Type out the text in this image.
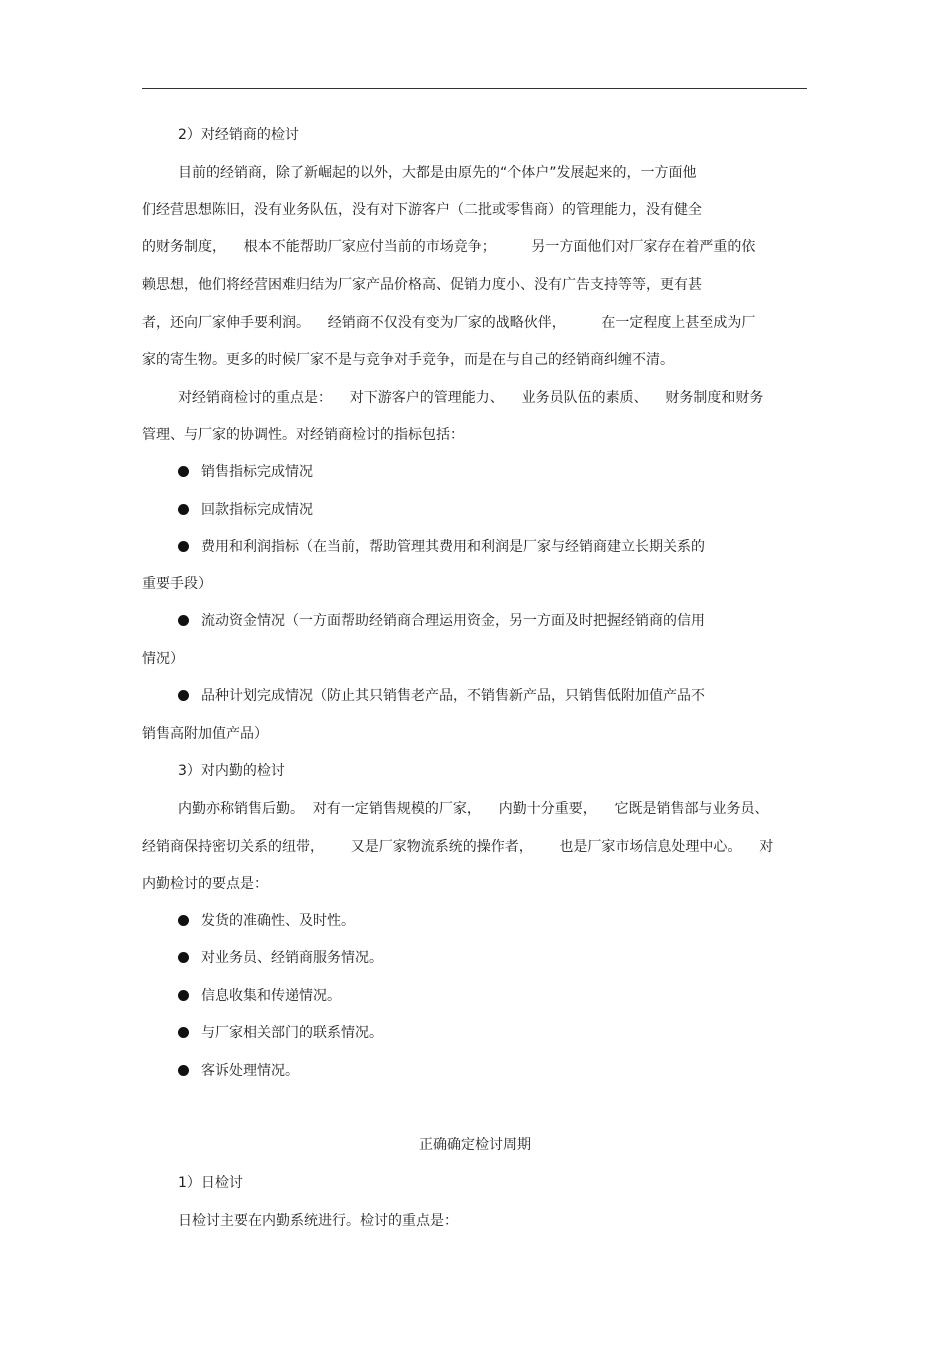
2）对经销商的检讨
目前的经销商，除了新崛起的以外，大都是由原先的“个体户”发展起来的，一方面他
们经营思想陈旧，没有业务队伍，没有对下游客户（二批或零售商）的管理能力，没有健全
的财务制度，    根本不能帮助厂家应付当前的市场竞争；        另一方面他们对厂家存在着严重的依
赖思想，他们将经营困难归结为厂家产品价格高、促销力度小、没有广告支持等等，更有甚
者，还向厂家伸手要利润。    经销商不仅没有变为厂家的战略伙伴，        在一定程度上甚至成为厂
家的寄生物。更多的时候厂家不是与竞争对手竞争，而是在与自己的经销商纠缠不清。
对经销商检讨的重点是：    对下游客户的管理能力、    业务员队伍的素质、    财务制度和财务
管理、与厂家的协调性。对经销商检讨的指标包括：
销售指标完成情况
回款指标完成情况
费用和利润指标（在当前，帮助管理其费用和利润是厂家与经销商建立长期关系的
重要手段）
流动资金情况（一方面帮助经销商合理运用资金，另一方面及时把握经销商的信用
情况）
品种计划完成情况（防止其只销售老产品，不销售新产品，只销售低附加值产品不
销售高附加值产品）
3）对内勤的检讨
内勤亦称销售后勤。  对有一定销售规模的厂家，    内勤十分重要，    它既是销售部与业务员、
经销商保持密切关系的纽带，      又是厂家物流系统的操作者，      也是厂家市场信息处理中心。    对
内勤检讨的要点是：
发货的准确性、及时性。
对业务员、经销商服务情况。
信息收集和传递情况。
与厂家相关部门的联系情况。
客诉处理情况。
正确确定检讨周期
1）日检讨
日检讨主要在内勤系统进行。检讨的重点是：
